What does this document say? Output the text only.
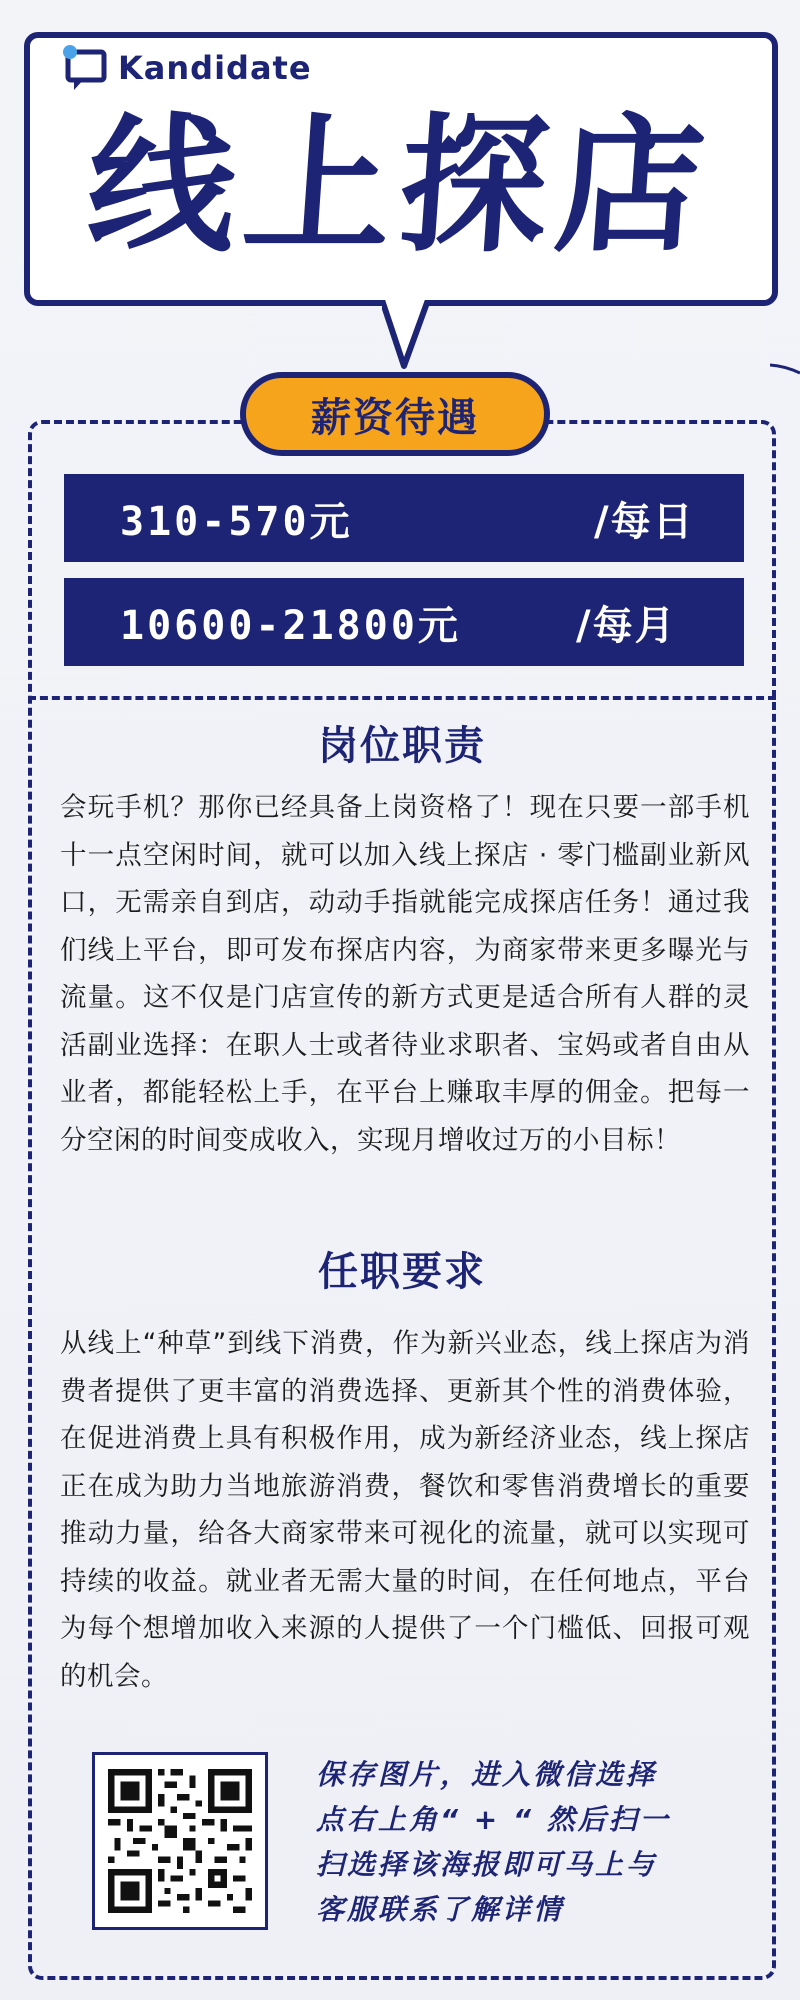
Kandidate
线上探店
薪资待遇
310-570元	/每日
10600-21800元	/每月
岗位职责
会玩手机？那你已经具备上岗资格了！现在只要一部手机十一点空闲时间，就可以加入线上探店 · 零门槛副业新风口，无需亲自到店，动动手指就能完成探店任务！通过我们线上平台，即可发布探店内容，为商家带来更多曝光与流量。这不仅是门店宣传的新方式更是适合所有人群的灵活副业选择：在职人士或者待业求职者、宝妈或者自由从业者，都能轻松上手，在平台上赚取丰厚的佣金。把每一分空闲的时间变成收入，实现月增收过万的小目标！
任职要求
从线上“种草”到线下消费，作为新兴业态，线上探店为消费者提供了更丰富的消费选择、更新其个性的消费体验，在促进消费上具有积极作用，成为新经济业态，线上探店正在成为助力当地旅游消费，餐饮和零售消费增长的重要推动力量，给各大商家带来可视化的流量，就可以实现可持续的收益。就业者无需大量的时间，在任何地点，平台为每个想增加收入来源的人提供了一个门槛低、回报可观的机会。
保存图片，进入微信选择
点右上角“ + “ 然后扫一
扫选择该海报即可马上与
客服联系了解详情
